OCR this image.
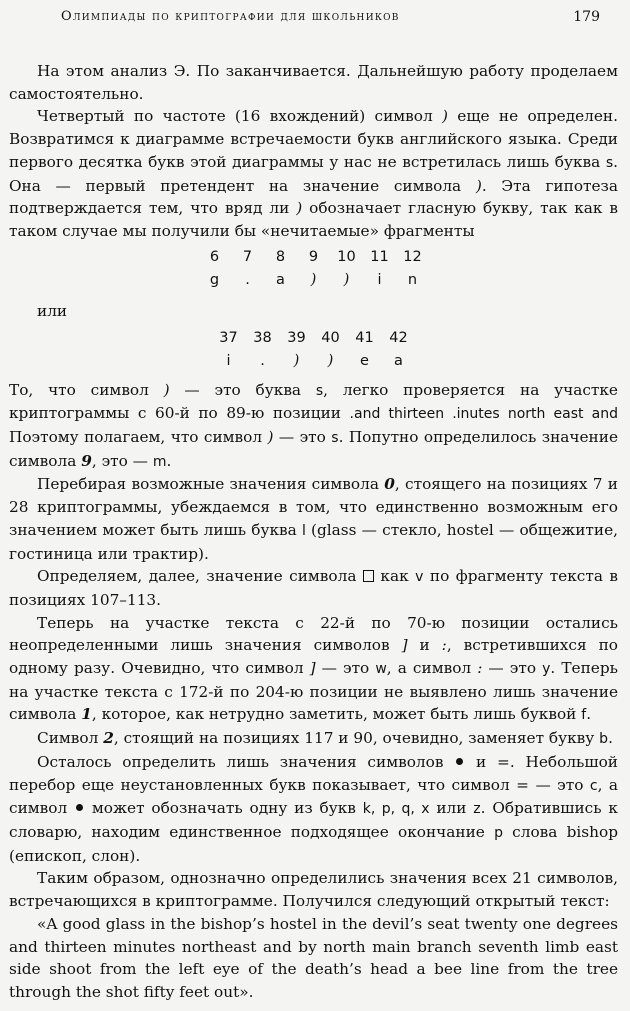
Олимпиады по криптографии для школьников	179

На этом анализ Э. По заканчивается. Дальнейшую работу проделаем самостоятельно.

Четвертый по частоте (16 вхождений) символ ) еще не определен. Возвратимся к диаграмме встречаемости букв английского языка. Среди первого десятка букв этой диаграммы у нас не встретилась лишь буква s. Она — первый претендент на значение символа ). Эта гипотеза подтверждается тем, что вряд ли ) обозначает гласную букву, так как в таком случае мы получили бы «нечитаемые» фрагменты

6	7	8	9	10	11	12
g	.	a	)	)	i	n

или

37	38	39	40	41	42
i	.	)	)	e	a

То, что символ ) — это буква s, легко проверяется на участке криптограммы с 60-й по 89-ю позиции .and thirteen .inutes north east and Поэтому полагаем, что символ ) — это s. Попутно определилось значение символа 9, это — m.

Перебирая возможные значения символа 0, стоящего на позициях 7 и 28 криптограммы, убеждаемся в том, что единственно возможным его значением может быть лишь буква l (glass — стекло, hostel — общежитие, гостиница или трактир).

Определяем, далее, значение символа  как v по фрагменту текста в позициях 107–113.

Теперь на участке текста с 22-й по 70-ю позиции остались неопределенными лишь значения символов ] и :, встретившихся по одному разу. Очевидно, что символ ] — это w, а символ : — это y. Теперь на участке текста с 172-й по 204-ю позиции не выявлено лишь значение символа 1, которое, как нетрудно заметить, может быть лишь буквой f.

Символ 2, стоящий на позициях 117 и 90, очевидно, заменяет букву b.

Осталось определить лишь значения символов  и =. Небольшой перебор еще неустановленных букв показывает, что символ = — это c, а символ  может обозначать одну из букв k, p, q, x или z. Обратившись к словарю, находим единственное подходящее окончание p слова bishop (епископ, слон).

Таким образом, однозначно определились значения всех 21 символов, встречающихся в криптограмме. Получился следующий открытый текст:

«A good glass in the bishop’s hostel in the devil’s seat twenty one degrees and thirteen minutes northeast and by north main branch seventh limb east side shoot from the left eye of the death’s head a bee line from the tree through the shot fifty feet out».
